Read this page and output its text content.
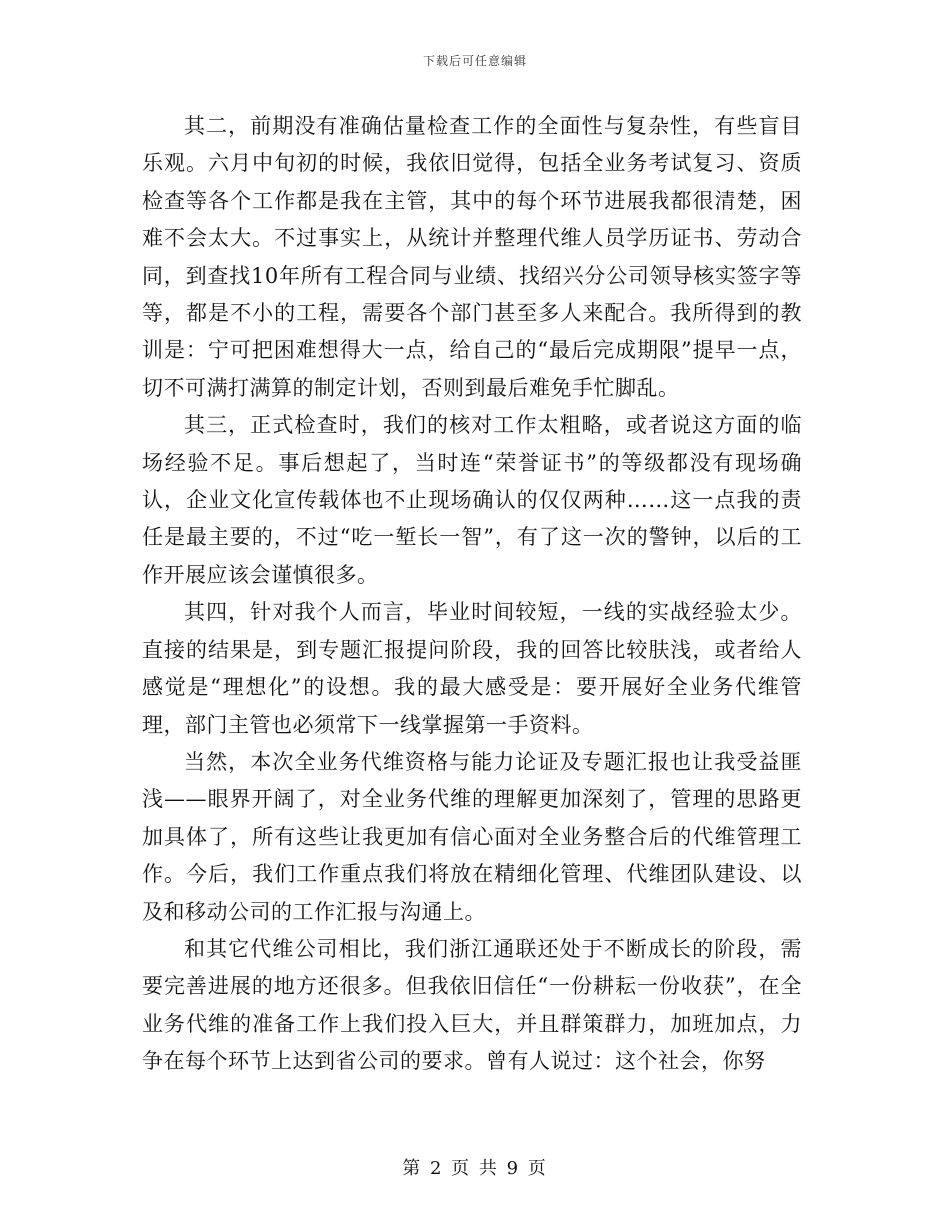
下载后可任意编辑

其二，前期没有准确估量检查工作的全面性与复杂性，有些盲目乐观。六月中旬初的时候，我依旧觉得，包括全业务考试复习、资质检查等各个工作都是我在主管，其中的每个环节进展我都很清楚，困难不会太大。不过事实上，从统计并整理代维人员学历证书、劳动合同，到查找10年所有工程合同与业绩、找绍兴分公司领导核实签字等等，都是不小的工程，需要各个部门甚至多人来配合。我所得到的教训是：宁可把困难想得大一点，给自己的“最后完成期限”提早一点，切不可满打满算的制定计划，否则到最后难免手忙脚乱。

其三，正式检查时，我们的核对工作太粗略，或者说这方面的临场经验不足。事后想起了，当时连“荣誉证书”的等级都没有现场确认，企业文化宣传载体也不止现场确认的仅仅两种……这一点我的责任是最主要的，不过“吃一堑长一智”，有了这一次的警钟，以后的工作开展应该会谨慎很多。

其四，针对我个人而言，毕业时间较短，一线的实战经验太少。直接的结果是，到专题汇报提问阶段，我的回答比较肤浅，或者给人感觉是“理想化”的设想。我的最大感受是：要开展好全业务代维管理，部门主管也必须常下一线掌握第一手资料。

当然，本次全业务代维资格与能力论证及专题汇报也让我受益匪浅——眼界开阔了，对全业务代维的理解更加深刻了，管理的思路更加具体了，所有这些让我更加有信心面对全业务整合后的代维管理工作。今后，我们工作重点我们将放在精细化管理、代维团队建设、以及和移动公司的工作汇报与沟通上。

和其它代维公司相比，我们浙江通联还处于不断成长的阶段，需要完善进展的地方还很多。但我依旧信任“一份耕耘一份收获”，在全业务代维的准备工作上我们投入巨大，并且群策群力，加班加点，力争在每个环节上达到省公司的要求。曾有人说过：这个社会，你努

第 2 页 共 9 页
